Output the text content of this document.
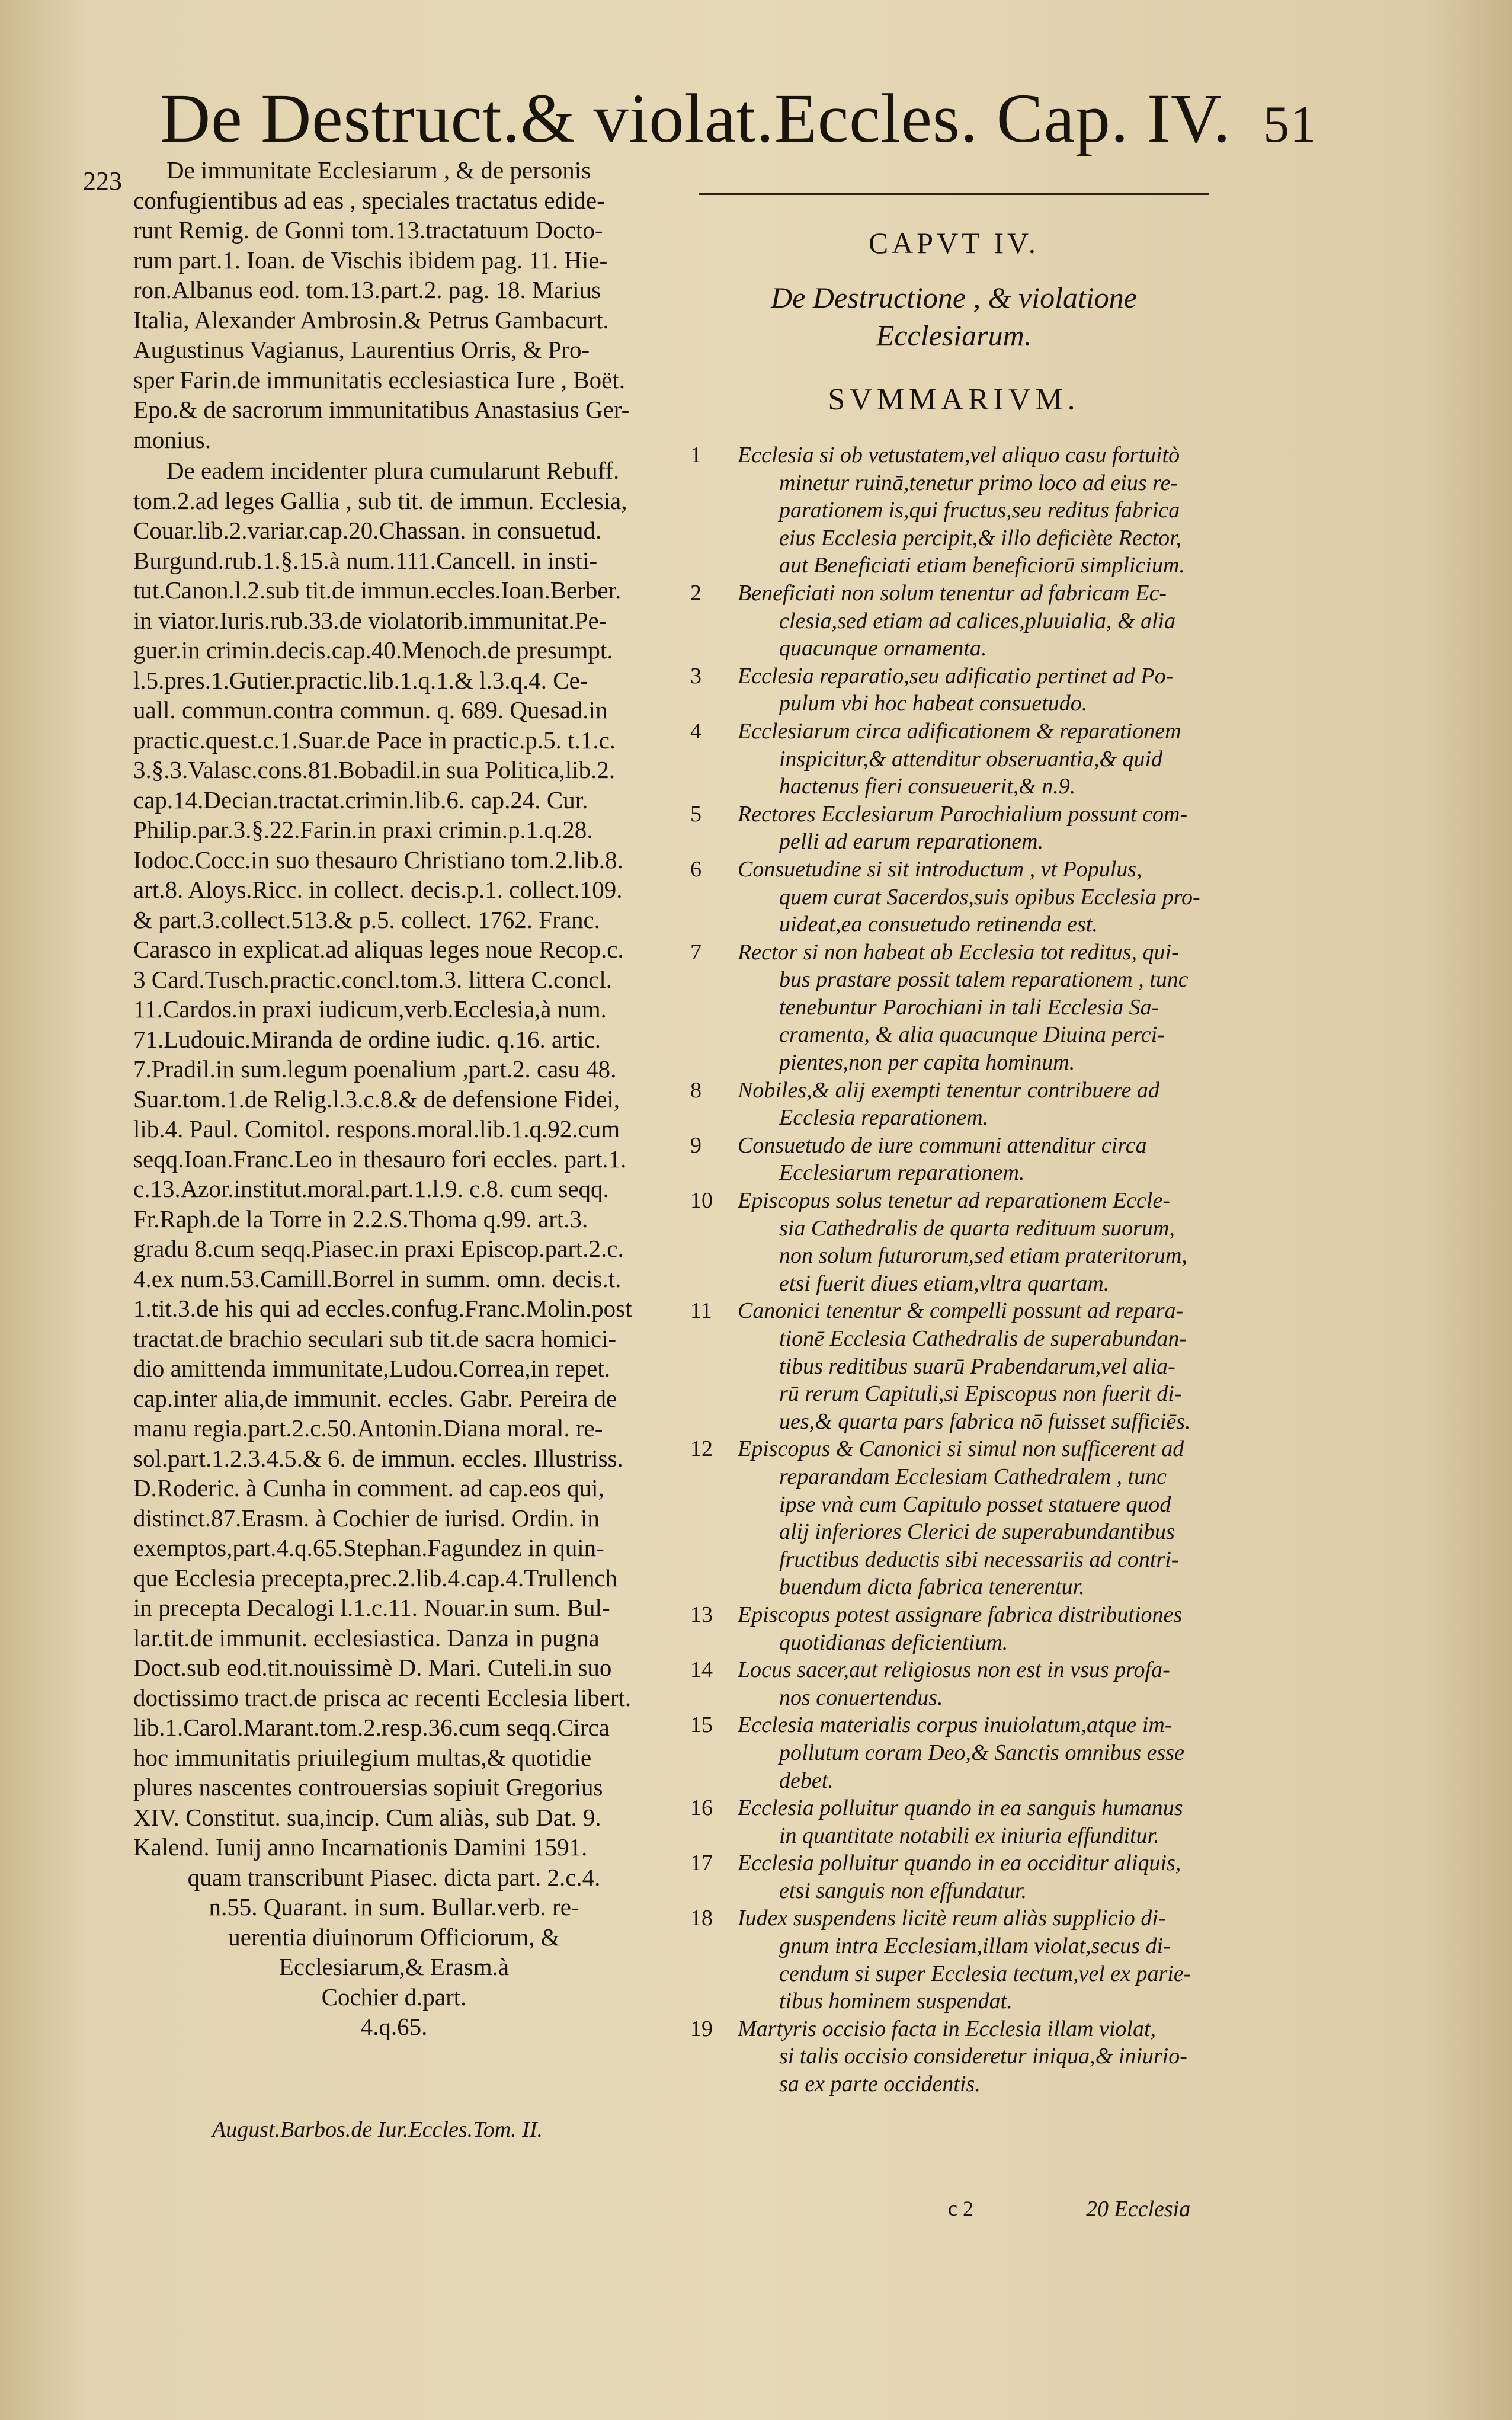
De Destruct.& violat.Eccles. Cap. IV. 51
223	De immunitate Ecclesiarum , & de personis
confugientibus ad eas , speciales tractatus edide-
runt Remig. de Gonni tom.13.tractatuum Docto-
rum part.1. Ioan. de Vischis ibidem pag. 11. Hie-
ron.Albanus eod. tom.13.part.2. pag. 18. Marius
Italia, Alexander Ambrosin.& Petrus Gambacurt.
Augustinus Vagianus, Laurentius Orris, & Pro-
sper Farin.de immunitatis ecclesiastica Iure , Boët.
Epo.& de sacrorum immunitatibus Anastasius Ger-
monius.
De eadem incidenter plura cumularunt Rebuff.
tom.2.ad leges Gallia , sub tit. de immun. Ecclesia,
Couar.lib.2.variar.cap.20.Chassan. in consuetud.
Burgund.rub.1.§.15.à num.111.Cancell. in insti-
tut.Canon.l.2.sub tit.de immun.eccles.Ioan.Berber.
in viator.Iuris.rub.33.de violatorib.immunitat.Pe-
guer.in crimin.decis.cap.40.Menoch.de presumpt.
l.5.pres.1.Gutier.practic.lib.1.q.1.& l.3.q.4. Ce-
uall. commun.contra commun. q. 689. Quesad.in
practic.quest.c.1.Suar.de Pace in practic.p.5. t.1.c.
3.§.3.Valasc.cons.81.Bobadil.in sua Politica,lib.2.
cap.14.Decian.tractat.crimin.lib.6. cap.24. Cur.
Philip.par.3.§.22.Farin.in praxi crimin.p.1.q.28.
Iodoc.Cocc.in suo thesauro Christiano tom.2.lib.8.
art.8. Aloys.Ricc. in collect. decis.p.1. collect.109.
& part.3.collect.513.& p.5. collect. 1762. Franc.
Carasco in explicat.ad aliquas leges noue Recop.c.
3 Card.Tusch.practic.concl.tom.3. littera C.concl.
11.Cardos.in praxi iudicum,verb.Ecclesia,à num.
71.Ludouic.Miranda de ordine iudic. q.16. artic.
7.Pradil.in sum.legum poenalium ,part.2. casu 48.
Suar.tom.1.de Relig.l.3.c.8.& de defensione Fidei,
lib.4. Paul. Comitol. respons.moral.lib.1.q.92.cum
seqq.Ioan.Franc.Leo in thesauro fori eccles. part.1.
c.13.Azor.institut.moral.part.1.l.9. c.8. cum seqq.
Fr.Raph.de la Torre in 2.2.S.Thoma q.99. art.3.
gradu 8.cum seqq.Piasec.in praxi Episcop.part.2.c.
4.ex num.53.Camill.Borrel in summ. omn. decis.t.
1.tit.3.de his qui ad eccles.confug.Franc.Molin.post
tractat.de brachio seculari sub tit.de sacra homici-
dio amittenda immunitate,Ludou.Correa,in repet.
cap.inter alia,de immunit. eccles. Gabr. Pereira de
manu regia.part.2.c.50.Antonin.Diana moral. re-
sol.part.1.2.3.4.5.& 6. de immun. eccles. Illustriss.
D.Roderic. à Cunha in comment. ad cap.eos qui,
distinct.87.Erasm. à Cochier de iurisd. Ordin. in
exemptos,part.4.q.65.Stephan.Fagundez in quin-
que Ecclesia precepta,prec.2.lib.4.cap.4.Trullench
in precepta Decalogi l.1.c.11. Nouar.in sum. Bul-
lar.tit.de immunit. ecclesiastica. Danza in pugna
Doct.sub eod.tit.nouissimè D. Mari. Cuteli.in suo
doctissimo tract.de prisca ac recenti Ecclesia libert.
lib.1.Carol.Marant.tom.2.resp.36.cum seqq.Circa
hoc immunitatis priuilegium multas,& quotidie
plures nascentes controuersias sopiuit Gregorius
XIV. Constitut. sua,incip. Cum aliàs, sub Dat. 9.
Kalend. Iunij anno Incarnationis Damini 1591.
quam transcribunt Piasec. dicta part. 2.c.4.
n.55. Quarant. in sum. Bullar.verb. re-
uerentia diuinorum Officiorum, &
Ecclesiarum,& Erasm.à
Cochier d.part.
4.q.65.
CAPVT IV.
De Destructione , & violatione
Ecclesiarum.
SVMMARIVM.
1	Ecclesia si ob vetustatem,vel aliquo casu fortuitò
minetur ruinā,tenetur primo loco ad eius re-
parationem is,qui fructus,seu reditus fabrica
eius Ecclesia percipit,& illo deficiète Rector,
aut Beneficiati etiam beneficiorū simplicium.
2	Beneficiati non solum tenentur ad fabricam Ec-
clesia,sed etiam ad calices,pluuialia, & alia
quacunque ornamenta.
3	Ecclesia reparatio,seu adificatio pertinet ad Po-
pulum vbi hoc habeat consuetudo.
4	Ecclesiarum circa adificationem & reparationem
inspicitur,& attenditur obseruantia,& quid
hactenus fieri consueuerit,& n.9.
5	Rectores Ecclesiarum Parochialium possunt com-
pelli ad earum reparationem.
6	Consuetudine si sit introductum , vt Populus,
quem curat Sacerdos,suis opibus Ecclesia pro-
uideat,ea consuetudo retinenda est.
7	Rector si non habeat ab Ecclesia tot reditus, qui-
bus prastare possit talem reparationem , tunc
tenebuntur Parochiani in tali Ecclesia Sa-
cramenta, & alia quacunque Diuina perci-
pientes,non per capita hominum.
8	Nobiles,& alij exempti tenentur contribuere ad
Ecclesia reparationem.
9	Consuetudo de iure communi attenditur circa
Ecclesiarum reparationem.
10	Episcopus solus tenetur ad reparationem Eccle-
sia Cathedralis de quarta redituum suorum,
non solum futurorum,sed etiam prateritorum,
etsi fuerit diues etiam,vltra quartam.
11	Canonici tenentur & compelli possunt ad repara-
tionē Ecclesia Cathedralis de superabundan-
tibus reditibus suarū Prabendarum,vel alia-
rū rerum Capituli,si Episcopus non fuerit di-
ues,& quarta pars fabrica nō fuisset sufficiēs.
12	Episcopus & Canonici si simul non sufficerent ad
reparandam Ecclesiam Cathedralem , tunc
ipse vnà cum Capitulo posset statuere quod
alij inferiores Clerici de superabundantibus
fructibus deductis sibi necessariis ad contri-
buendum dicta fabrica tenerentur.
13	Episcopus potest assignare fabrica distributiones
quotidianas deficientium.
14	Locus sacer,aut religiosus non est in vsus profa-
nos conuertendus.
15	Ecclesia materialis corpus inuiolatum,atque im-
pollutum coram Deo,& Sanctis omnibus esse
debet.
16	Ecclesia polluitur quando in ea sanguis humanus
in quantitate notabili ex iniuria effunditur.
17	Ecclesia polluitur quando in ea occiditur aliquis,
etsi sanguis non effundatur.
18	Iudex suspendens licitè reum aliàs supplicio di-
gnum intra Ecclesiam,illam violat,secus di-
cendum si super Ecclesia tectum,vel ex parie-
tibus hominem suspendat.
19	Martyris occisio facta in Ecclesia illam violat,
si talis occisio consideretur iniqua,& iniurio-
sa ex parte occidentis.
August.Barbos.de Iur.Eccles.Tom. II.
c 2	20 Ecclesia
